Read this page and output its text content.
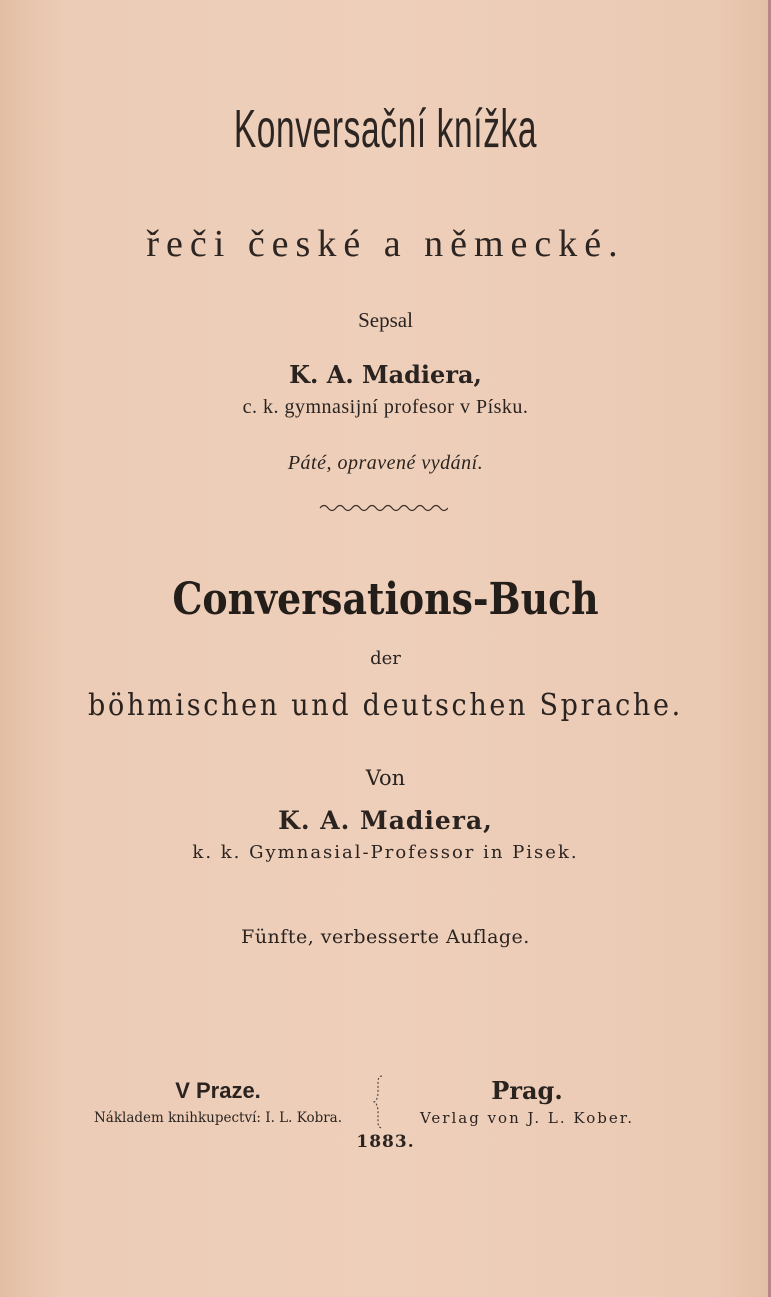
Konversační knížka
řeči české a německé.
Sepsal
K. A. Madiera,
c. k. gymnasijní profesor v Písku.
Páté, opravené vydání.
Conversations-Buch
der
böhmischen und deutschen Sprache.
Von
K. A. Madiera,
k. k. Gymnasial-Professor in Pisek.
Fünfte, verbesserte Auflage.
V Praze.
Nákladem knihkupectví: I. L. Kobra.
Prag.
Verlag von J. L. Kober.
1883.
